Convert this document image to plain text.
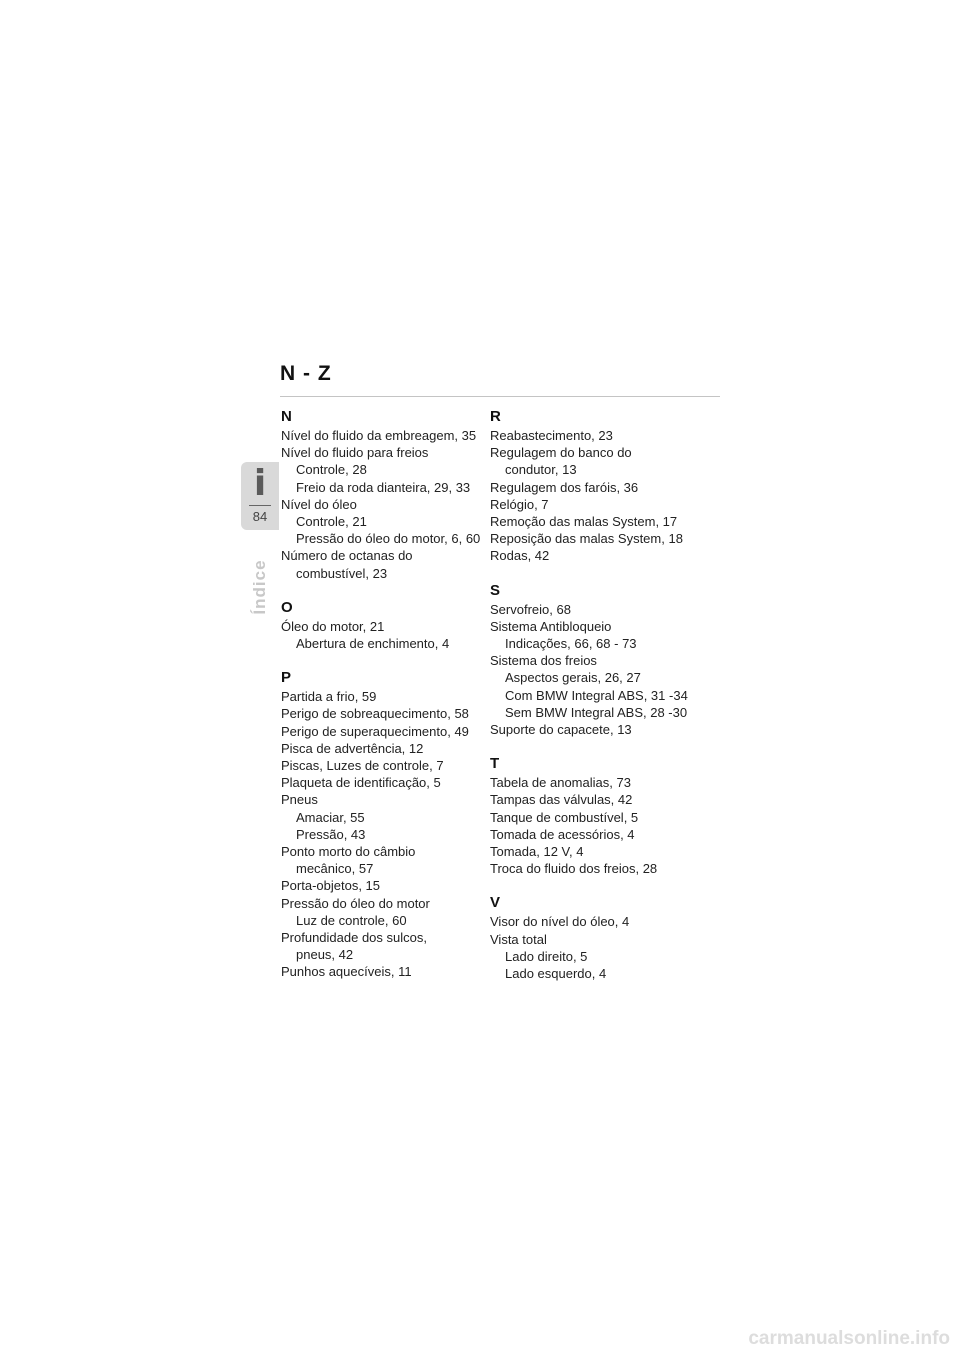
N - Z
i
84
Índice
N
Nível do fluido da embreagem, 35
Nível do fluido para freios
Controle, 28
Freio da roda dianteira, 29, 33
Nível do óleo
Controle, 21
Pressão do óleo do motor, 6, 60
Número de octanas do
combustível, 23
O
Óleo do motor, 21
Abertura de enchimento, 4
P
Partida a frio, 59
Perigo de sobreaquecimento, 58
Perigo de superaquecimento, 49
Pisca de advertência, 12
Piscas, Luzes de controle, 7
Plaqueta de identificação, 5
Pneus
Amaciar, 55
Pressão, 43
Ponto morto do câmbio
mecânico, 57
Porta-objetos, 15
Pressão do óleo do motor
Luz de controle, 60
Profundidade dos sulcos,
pneus, 42
Punhos aquecíveis, 11
R
Reabastecimento, 23
Regulagem do banco do
condutor, 13
Regulagem dos faróis, 36
Relógio, 7
Remoção das malas System, 17
Reposição das malas System, 18
Rodas, 42
S
Servofreio, 68
Sistema Antibloqueio
Indicações, 66, 68 - 73
Sistema dos freios
Aspectos gerais, 26, 27
Com BMW Integral ABS, 31 -34
Sem BMW Integral ABS, 28 -30
Suporte do capacete, 13
T
Tabela de anomalias, 73
Tampas das válvulas, 42
Tanque de combustível, 5
Tomada de acessórios, 4
Tomada, 12 V, 4
Troca do fluido dos freios, 28
V
Visor do nível do óleo, 4
Vista total
Lado direito, 5
Lado esquerdo, 4
carmanualsonline.info
